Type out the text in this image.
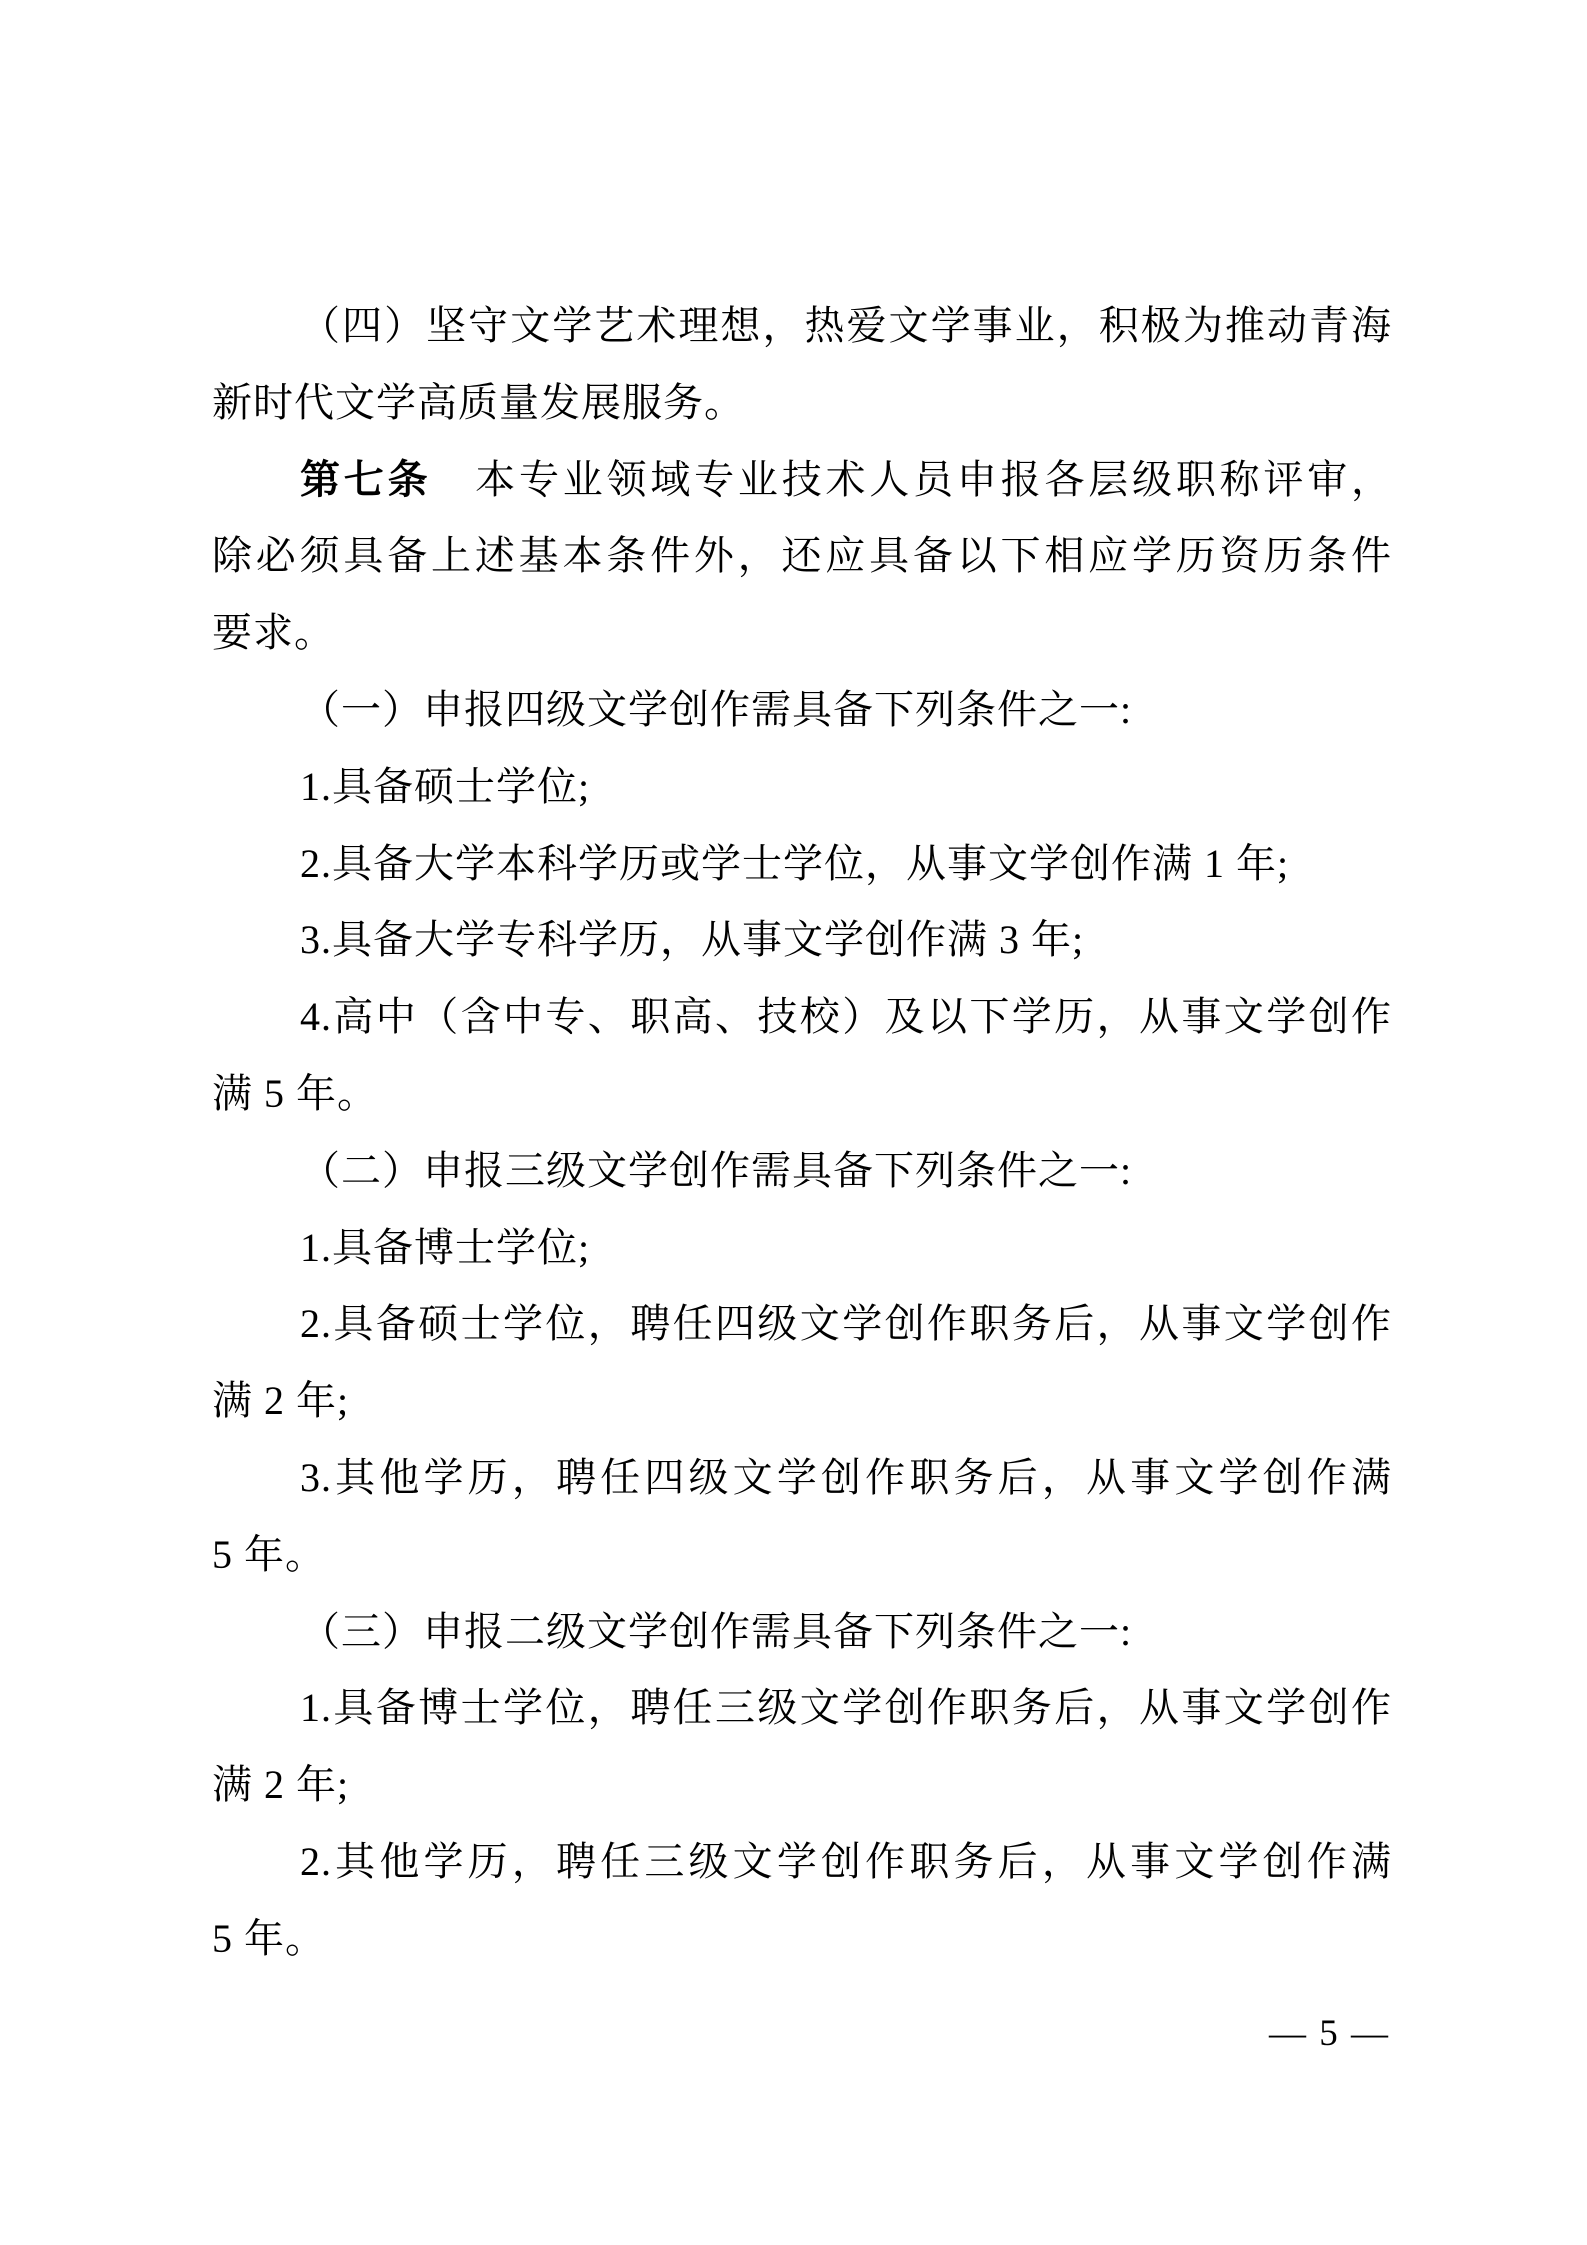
（四）坚守文学艺术理想，热爱文学事业，积极为推动青海
新时代文学高质量发展服务。
第七条　本专业领域专业技术人员申报各层级职称评审，
除必须具备上述基本条件外，还应具备以下相应学历资历条件
要求。
（一）申报四级文学创作需具备下列条件之一:
1.具备硕士学位;
2.具备大学本科学历或学士学位，从事文学创作满 1 年;
3.具备大学专科学历，从事文学创作满 3 年;
4.高中（含中专、职高、技校）及以下学历，从事文学创作
满 5 年。
（二）申报三级文学创作需具备下列条件之一:
1.具备博士学位;
2.具备硕士学位，聘任四级文学创作职务后，从事文学创作
满 2 年;
3.其他学历，聘任四级文学创作职务后，从事文学创作满
5 年。
（三）申报二级文学创作需具备下列条件之一:
1.具备博士学位，聘任三级文学创作职务后，从事文学创作
满 2 年;
2.其他学历，聘任三级文学创作职务后，从事文学创作满
5 年。
— 5 —
